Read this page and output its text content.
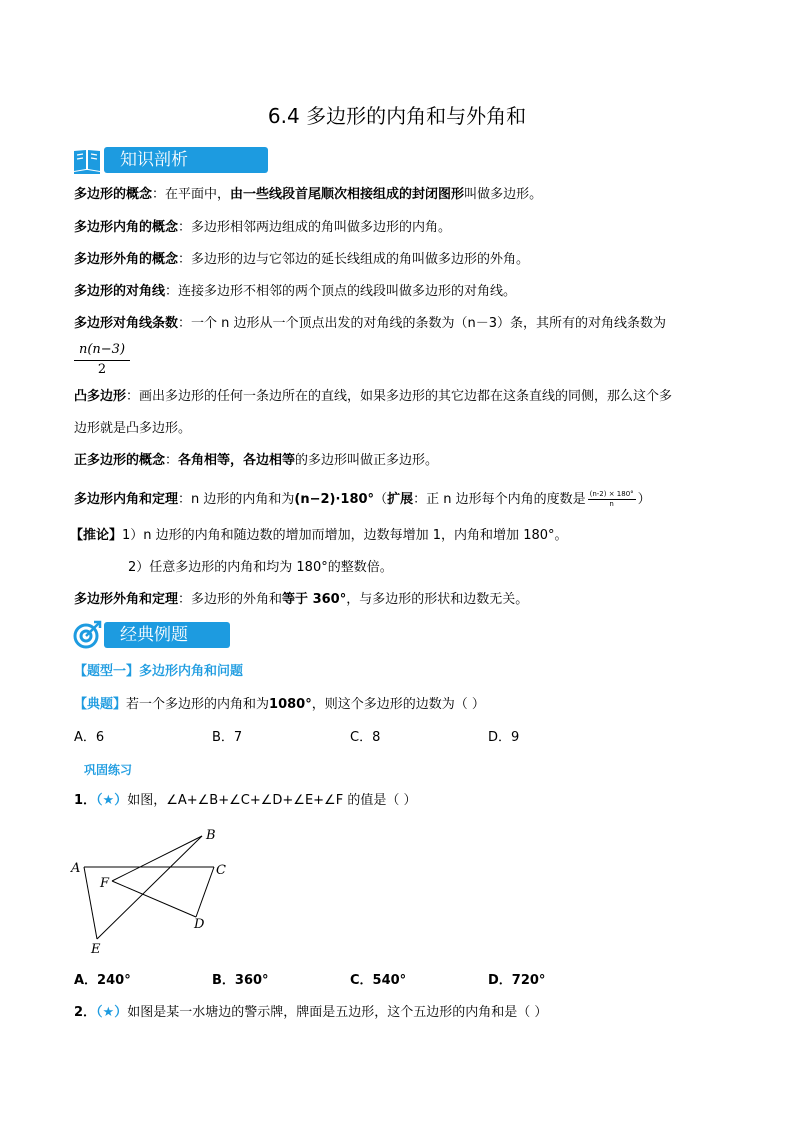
6.4 多边形的内角和与外角和
知识剖析
多边形的概念：在平面中，由一些线段首尾顺次相接组成的封闭图形叫做多边形。
多边形内角的概念：多边形相邻两边组成的角叫做多边形的内角。
多边形外角的概念：多边形的边与它邻边的延长线组成的角叫做多边形的外角。
多边形的对角线：连接多边形不相邻的两个顶点的线段叫做多边形的对角线。
多边形对角线条数：一个 n 边形从一个顶点出发的对角线的条数为（n－3）条，其所有的对角线条数为
$\frac{n(n-3)}{2}$
凸多边形：画出多边形的任何一条边所在的直线，如果多边形的其它边都在这条直线的同侧，那么这个多
边形就是凸多边形。
正多边形的概念：各角相等，各边相等的多边形叫做正多边形。
多边形内角和定理：n 边形的内角和为(n−2)·180°（扩展：正 n 边形每个内角的度数是 $\frac{(n-2) \times 180^\circ}{n}$ ）
【推论】1）n 边形的内角和随边数的增加而增加，边数每增加 1，内角和增加 180°。
2）任意多边形的内角和均为 180°的整数倍。
多边形外角和定理：多边形的外角和等于 360°，与多边形的形状和边数无关。
经典例题
【题型一】多边形内角和问题
【典题】若一个多边形的内角和为1080°，则这个多边形的边数为（ ）
A．6	B．7	C．8	D．9
巩固练习
1．（★）如图，∠A+∠B+∠C+∠D+∠E+∠F 的值是（ ）
A
B
C
D
E
F
A．240°	B．360°	C．540°	D．720°
2．（★）如图是某一水塘边的警示牌，牌面是五边形，这个五边形的内角和是（ ）
